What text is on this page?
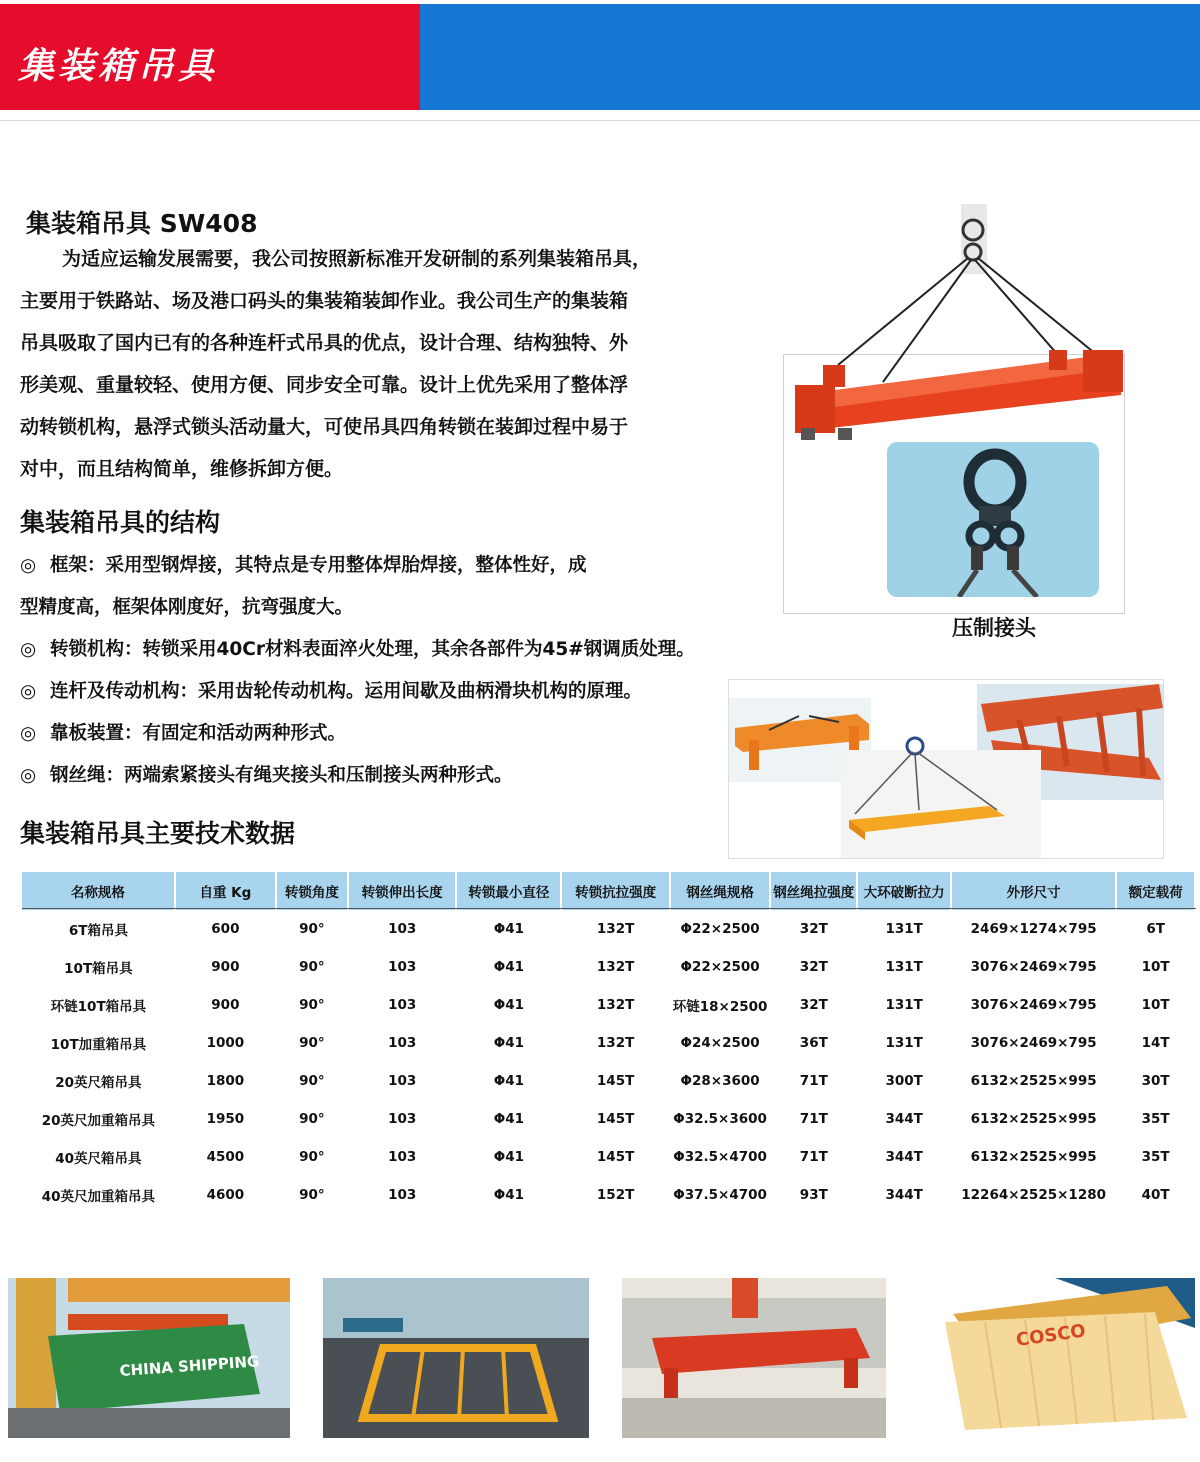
集装箱吊具
集装箱吊具 SW408
为适应运输发展需要，我公司按照新标准开发研制的系列集装箱吊具，
主要用于铁路站、场及港口码头的集装箱装卸作业。我公司生产的集装箱
吊具吸取了国内已有的各种连杆式吊具的优点，设计合理、结构独特、外
形美观、重量较轻、使用方便、同步安全可靠。设计上优先采用了整体浮
动转锁机构，悬浮式锁头活动量大，可使吊具四角转锁在装卸过程中易于
对中，而且结构简单，维修拆卸方便。
集装箱吊具的结构
◎ 框架：采用型钢焊接，其特点是专用整体焊胎焊接，整体性好，成
型精度高，框架体刚度好，抗弯强度大。
◎ 转锁机构：转锁采用40Cr材料表面淬火处理，其余各部件为45#钢调质处理。
◎ 连杆及传动机构：采用齿轮传动机构。运用间歇及曲柄滑块机构的原理。
◎ 靠板装置：有固定和活动两种形式。
◎ 钢丝绳：两端索紧接头有绳夹接头和压制接头两种形式。
压制接头
集装箱吊具主要技术数据
名称规格	自重 Kg	转锁角度	转锁伸出长度	转锁最小直径	转锁抗拉强度	钢丝绳规格	钢丝绳拉强度	大环破断拉力	外形尺寸	额定载荷
6T箱吊具	600	90°	103	Φ41	132T	Φ22×2500	32T	131T	2469×1274×795	6T
10T箱吊具	900	90°	103	Φ41	132T	Φ22×2500	32T	131T	3076×2469×795	10T
环链10T箱吊具	900	90°	103	Φ41	132T	环链18×2500	32T	131T	3076×2469×795	10T
10T加重箱吊具	1000	90°	103	Φ41	132T	Φ24×2500	36T	131T	3076×2469×795	14T
20英尺箱吊具	1800	90°	103	Φ41	145T	Φ28×3600	71T	300T	6132×2525×995	30T
20英尺加重箱吊具	1950	90°	103	Φ41	145T	Φ32.5×3600	71T	344T	6132×2525×995	35T
40英尺箱吊具	4500	90°	103	Φ41	145T	Φ32.5×4700	71T	344T	6132×2525×995	35T
40英尺加重箱吊具	4600	90°	103	Φ41	152T	Φ37.5×4700	93T	344T	12264×2525×1280	40T
CHINA SHIPPING
COSCO
